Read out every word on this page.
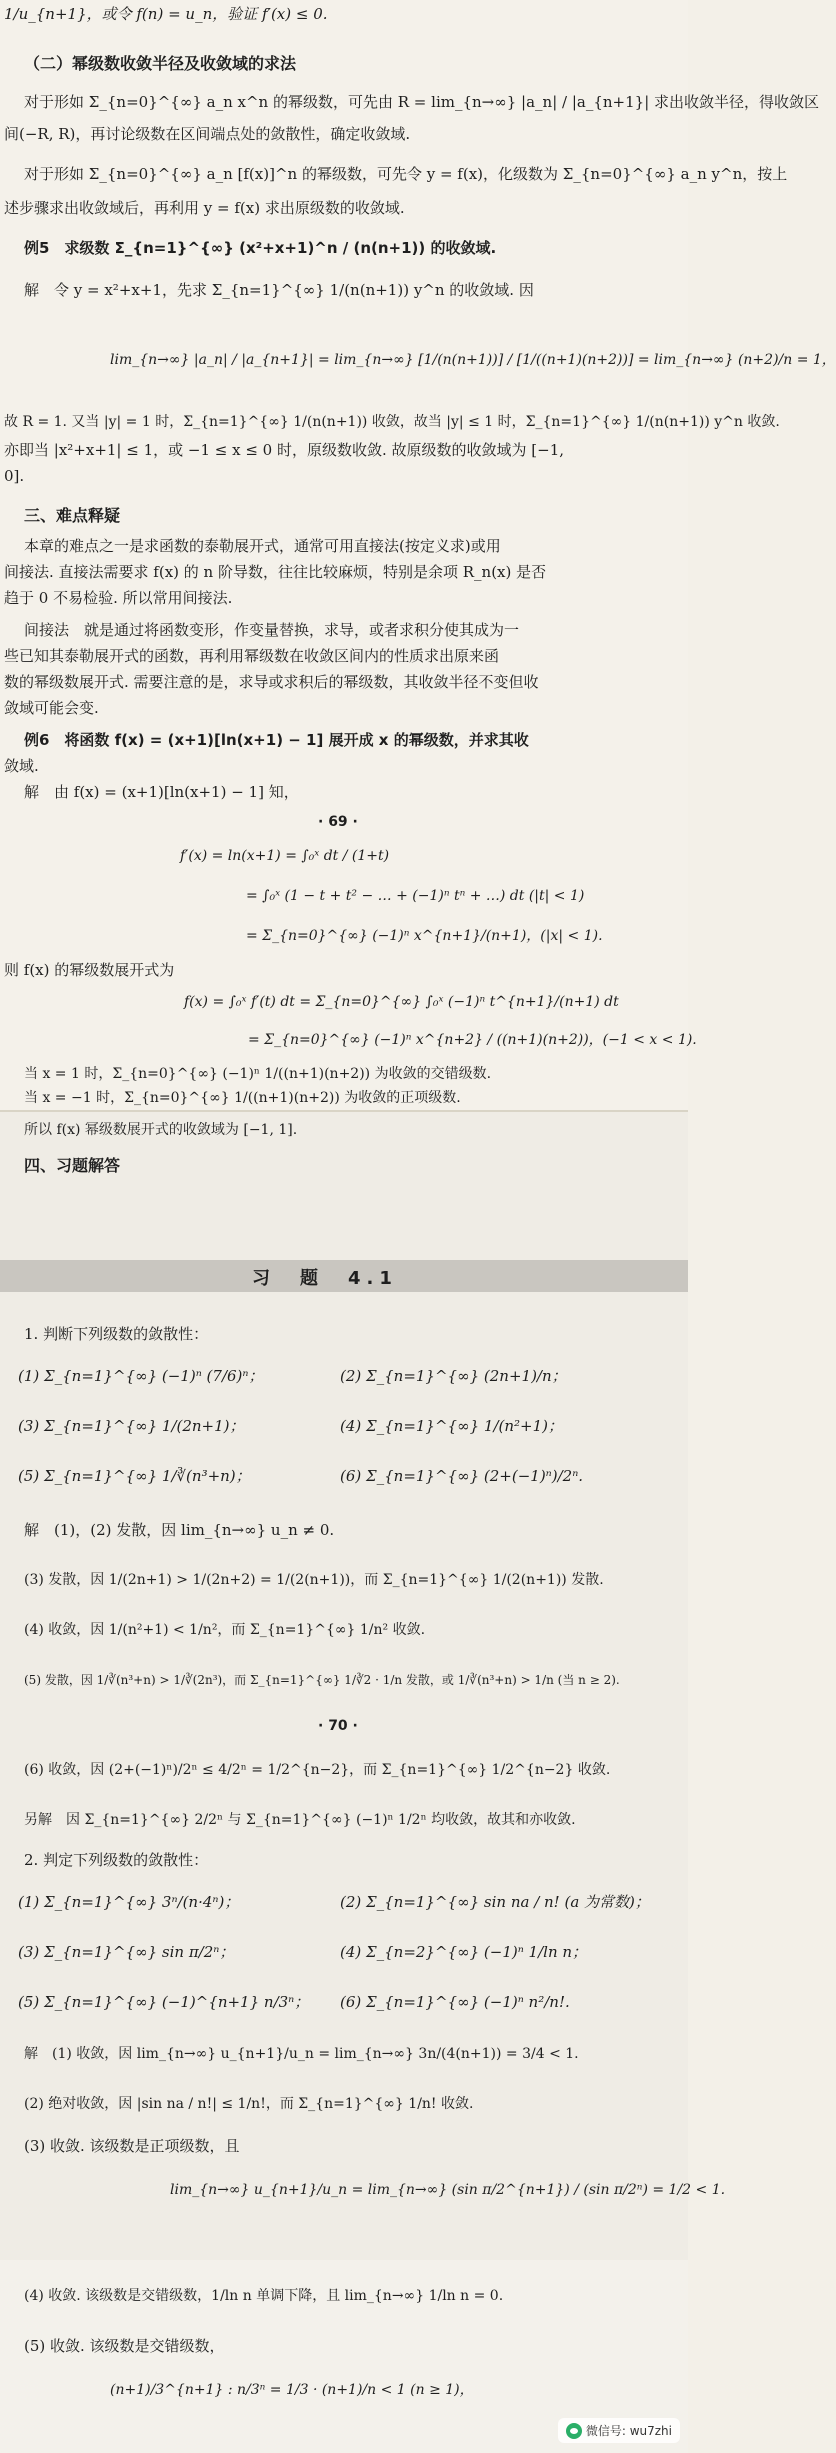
1/u_{n+1}，或令 f(n) = u_n，验证 f′(x) ≤ 0.
（二）幂级数收敛半径及收敛域的求法
对于形如 Σ_{n=0}^{∞} a_n x^n 的幂级数，可先由 R = lim_{n→∞} |a_n| / |a_{n+1}| 求出收敛半径，得收敛区
间(−R, R)，再讨论级数在区间端点处的敛散性，确定收敛域.
对于形如 Σ_{n=0}^{∞} a_n [f(x)]^n 的幂级数，可先令 y = f(x)，化级数为 Σ_{n=0}^{∞} a_n y^n，按上
述步骤求出收敛域后，再利用 y = f(x) 求出原级数的收敛域.
例5　求级数 Σ_{n=1}^{∞} (x²+x+1)^n / (n(n+1)) 的收敛域.
解　令 y = x²+x+1，先求 Σ_{n=1}^{∞} 1/(n(n+1)) y^n 的收敛域. 因
lim_{n→∞} |a_n| / |a_{n+1}| = lim_{n→∞} [1/(n(n+1))] / [1/((n+1)(n+2))] = lim_{n→∞} (n+2)/n = 1，
故 R = 1. 又当 |y| = 1 时，Σ_{n=1}^{∞} 1/(n(n+1)) 收敛，故当 |y| ≤ 1 时，Σ_{n=1}^{∞} 1/(n(n+1)) y^n 收敛.
亦即当 |x²+x+1| ≤ 1，或 −1 ≤ x ≤ 0 时，原级数收敛. 故原级数的收敛域为 [−1,
0].
三、难点释疑
本章的难点之一是求函数的泰勒展开式，通常可用直接法(按定义求)或用
间接法. 直接法需要求 f(x) 的 n 阶导数，往往比较麻烦，特别是余项 R_n(x) 是否
趋于 0 不易检验. 所以常用间接法.
间接法　就是通过将函数变形，作变量替换，求导，或者求积分使其成为一
些已知其泰勒展开式的函数，再利用幂级数在收敛区间内的性质求出原来函
数的幂级数展开式. 需要注意的是，求导或求积后的幂级数，其收敛半径不变但收
敛域可能会变.
例6　将函数 f(x) = (x+1)[ln(x+1) − 1] 展开成 x 的幂级数，并求其收
敛域.
解　由 f(x) = (x+1)[ln(x+1) − 1] 知，
· 69 ·
f′(x) = ln(x+1) = ∫₀ˣ dt / (1+t)
= ∫₀ˣ (1 − t + t² − … + (−1)ⁿ tⁿ + …) dt (|t| < 1)
= Σ_{n=0}^{∞} (−1)ⁿ x^{n+1}/(n+1)，(|x| < 1).
则 f(x) 的幂级数展开式为
f(x) = ∫₀ˣ f′(t) dt = Σ_{n=0}^{∞} ∫₀ˣ (−1)ⁿ t^{n+1}/(n+1) dt
= Σ_{n=0}^{∞} (−1)ⁿ x^{n+2} / ((n+1)(n+2))，(−1 < x < 1).
当 x = 1 时，Σ_{n=0}^{∞} (−1)ⁿ 1/((n+1)(n+2)) 为收敛的交错级数.
当 x = −1 时，Σ_{n=0}^{∞} 1/((n+1)(n+2)) 为收敛的正项级数.
所以 f(x) 幂级数展开式的收敛域为 [−1, 1].
四、习题解答
习　题　4.1
1. 判断下列级数的敛散性：
(1) Σ_{n=1}^{∞} (−1)ⁿ (7/6)ⁿ；	(2) Σ_{n=1}^{∞} (2n+1)/n；
(3) Σ_{n=1}^{∞} 1/(2n+1)；	(4) Σ_{n=1}^{∞} 1/(n²+1)；
(5) Σ_{n=1}^{∞} 1/∛(n³+n)；	(6) Σ_{n=1}^{∞} (2+(−1)ⁿ)/2ⁿ.
解　(1)，(2) 发散，因 lim_{n→∞} u_n ≠ 0.
(3) 发散，因 1/(2n+1) > 1/(2n+2) = 1/(2(n+1))，而 Σ_{n=1}^{∞} 1/(2(n+1)) 发散.
(4) 收敛，因 1/(n²+1) < 1/n²，而 Σ_{n=1}^{∞} 1/n² 收敛.
(5) 发散，因 1/∛(n³+n) > 1/∛(2n³)，而 Σ_{n=1}^{∞} 1/∛2 · 1/n 发散，或 1/∛(n³+n) > 1/n (当 n ≥ 2).
· 70 ·
(6) 收敛，因 (2+(−1)ⁿ)/2ⁿ ≤ 4/2ⁿ = 1/2^{n−2}，而 Σ_{n=1}^{∞} 1/2^{n−2} 收敛.
另解　因 Σ_{n=1}^{∞} 2/2ⁿ 与 Σ_{n=1}^{∞} (−1)ⁿ 1/2ⁿ 均收敛，故其和亦收敛.
2. 判定下列级数的敛散性：
(1) Σ_{n=1}^{∞} 3ⁿ/(n·4ⁿ)；	(2) Σ_{n=1}^{∞} sin na / n! (a 为常数)；
(3) Σ_{n=1}^{∞} sin π/2ⁿ；	(4) Σ_{n=2}^{∞} (−1)ⁿ 1/ln n；
(5) Σ_{n=1}^{∞} (−1)^{n+1} n/3ⁿ； (6) Σ_{n=1}^{∞} (−1)ⁿ n²/n!.
解　(1) 收敛，因 lim_{n→∞} u_{n+1}/u_n = lim_{n→∞} 3n/(4(n+1)) = 3/4 < 1.
(2) 绝对收敛，因 |sin na / n!| ≤ 1/n!，而 Σ_{n=1}^{∞} 1/n! 收敛.
(3) 收敛. 该级数是正项级数，且
lim_{n→∞} u_{n+1}/u_n = lim_{n→∞} (sin π/2^{n+1}) / (sin π/2ⁿ) = 1/2 < 1.
(4) 收敛. 该级数是交错级数，1/ln n 单调下降，且 lim_{n→∞} 1/ln n = 0.
(5) 收敛. 该级数是交错级数，
(n+1)/3^{n+1} : n/3ⁿ = 1/3 · (n+1)/n < 1 (n ≥ 1)，
微信号: wu7zhi
